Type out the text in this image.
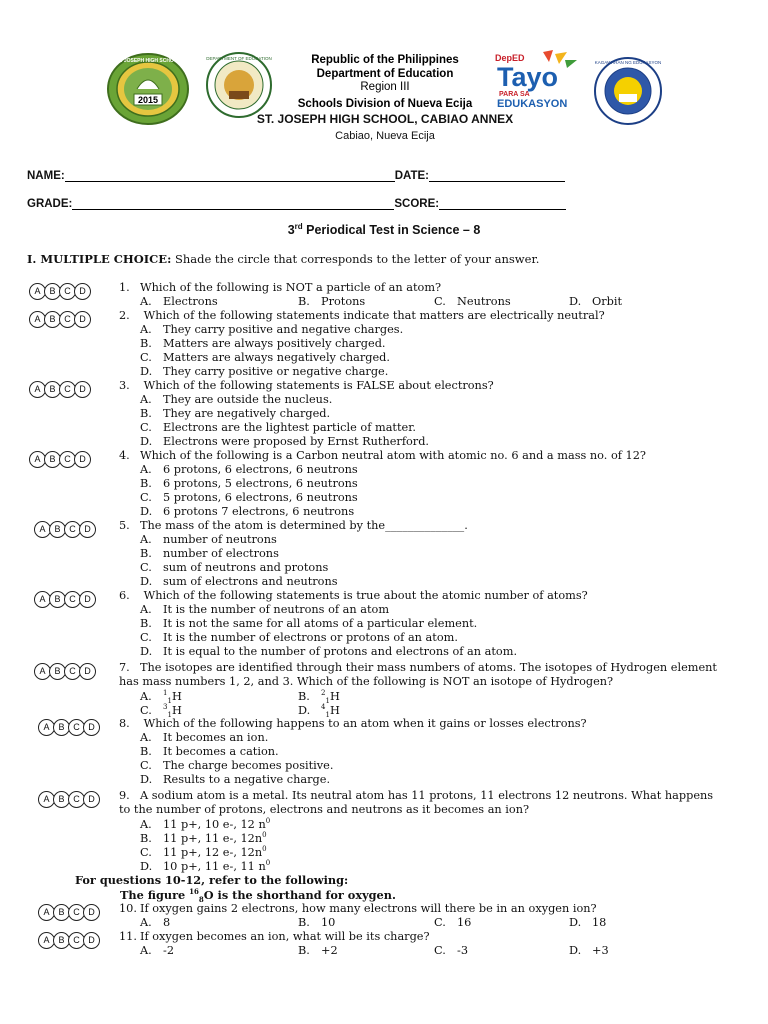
2015
ST. JOSEPH HIGH SCHOOL	DEPARTMENT OF EDUCATION	Republic of the Philippines
Department of Education
Region III
Schools Division of Nueva Ecija
DepED
Tayo
PARA SA
EDUKASYON
KAGAWARAN NG EDUKASYON
ST. JOSEPH HIGH SCHOOL, CABIAO ANNEX
Cabiao, Nueva Ecija
NAME:	DATE:
GRADE:	SCORE:
3rd Periodical Test in Science – 8
I. MULTIPLE CHOICE: Shade the circle that corresponds to the letter of your answer.
A B C D	1. Which of the following is NOT a particle of an atom?
A. Electrons	B. Protons	C. Neutrons	D. Orbit
A B C D	2. Which of the following statements indicate that matters are electrically neutral?
A. They carry positive and negative charges.
B. Matters are always positively charged.
C. Matters are always negatively charged.
D. They carry positive or negative charge.
A B C D	3. Which of the following statements is FALSE about electrons?
A. They are outside the nucleus.
B. They are negatively charged.
C. Electrons are the lightest particle of matter.
D. Electrons were proposed by Ernst Rutherford.
A B C D	4. Which of the following is a Carbon neutral atom with atomic no. 6 and a mass no. of 12?
A. 6 protons, 6 electrons, 6 neutrons
B. 6 protons, 5 electrons, 6 neutrons
C. 5 protons, 6 electrons, 6 neutrons
D. 6 protons 7 electrons, 6 neutrons
A B C D	5. The mass of the atom is determined by the______________.
A. number of neutrons
B. number of electrons
C. sum of neutrons and protons
D. sum of electrons and neutrons
A B C D	6. Which of the following statements is true about the atomic number of atoms?
A. It is the number of neutrons of an atom
B. It is not the same for all atoms of a particular element.
C. It is the number of electrons or protons of an atom.
D. It is equal to the number of protons and electrons of an atom.
A B C D	7. The isotopes are identified through their mass numbers of atoms. The isotopes of Hydrogen element
has mass numbers 1, 2, and 3. Which of the following is NOT an isotope of Hydrogen?
A. $^1_1$H	B. $^2_1$H
C. $^3_1$H	D. $^4_1$H
A B C D	8. Which of the following happens to an atom when it gains or losses electrons?
A. It becomes an ion.
B. It becomes a cation.
C. The charge becomes positive.
D. Results to a negative charge.
A B C D	9. A sodium atom is a metal. Its neutral atom has 11 protons, 11 electrons 12 neutrons. What happens
to the number of protons, electrons and neutrons as it becomes an ion?
A. 11 p+, 10 e-, 12 $n^0$
B. 11 p+, 11 e-, $12n^0$
C. 11 p+, 12 e-, $12n^0$
D. 10 p+, 11 e-, 11 $n^0$
A B C D	10. If oxygen gains 2 electrons, how many electrons will there be in an oxygen ion?
A. 8	B. 10	C. 16	D. 18
A B C D	11. If oxygen becomes an ion, what will be its charge?
A. -2	B. +2	C. -3	D. +3
For questions 10-12, refer to the following:
The figure $^{16}_8$O is the shorthand for oxygen.
